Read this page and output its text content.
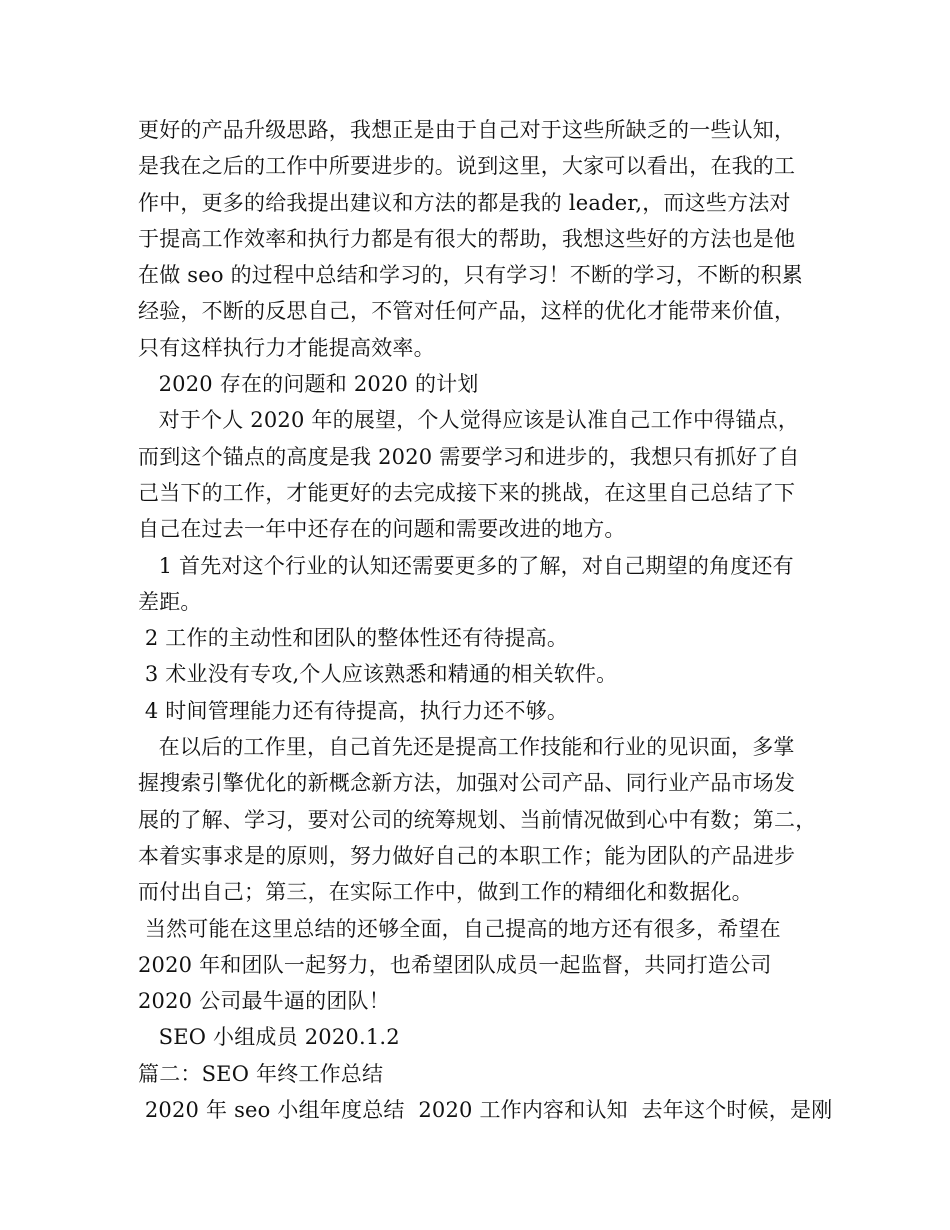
更好的产品升级思路，我想正是由于自己对于这些所缺乏的一些认知，
是我在之后的工作中所要进步的。说到这里，大家可以看出，在我的工
作中，更多的给我提出建议和方法的都是我的 leader,，而这些方法对
于提高工作效率和执行力都是有很大的帮助，我想这些好的方法也是他
在做 seo 的过程中总结和学习的，只有学习！不断的学习，不断的积累
经验，不断的反思自己，不管对任何产品，这样的优化才能带来价值，
只有这样执行力才能提高效率。
2020 存在的问题和 2020 的计划
对于个人 2020 年的展望，个人觉得应该是认准自己工作中得锚点，
而到这个锚点的高度是我 2020 需要学习和进步的，我想只有抓好了自
己当下的工作，才能更好的去完成接下来的挑战，在这里自己总结了下
自己在过去一年中还存在的问题和需要改进的地方。
1 首先对这个行业的认知还需要更多的了解，对自己期望的角度还有
差距。
2 工作的主动性和团队的整体性还有待提高。
3 术业没有专攻,个人应该熟悉和精通的相关软件。
4 时间管理能力还有待提高，执行力还不够。
在以后的工作里，自己首先还是提高工作技能和行业的见识面，多掌
握搜索引擎优化的新概念新方法，加强对公司产品、同行业产品市场发
展的了解、学习，要对公司的统筹规划、当前情况做到心中有数；第二，
本着实事求是的原则，努力做好自己的本职工作；能为团队的产品进步
而付出自己；第三，在实际工作中，做到工作的精细化和数据化。
当然可能在这里总结的还够全面，自己提高的地方还有很多，希望在
2020 年和团队一起努力，也希望团队成员一起监督，共同打造公司
2020 公司最牛逼的团队！
SEO 小组成员 2020.1.2
篇二：SEO 年终工作总结
2020 年 seo 小组年度总结  2020 工作内容和认知  去年这个时候，是刚
